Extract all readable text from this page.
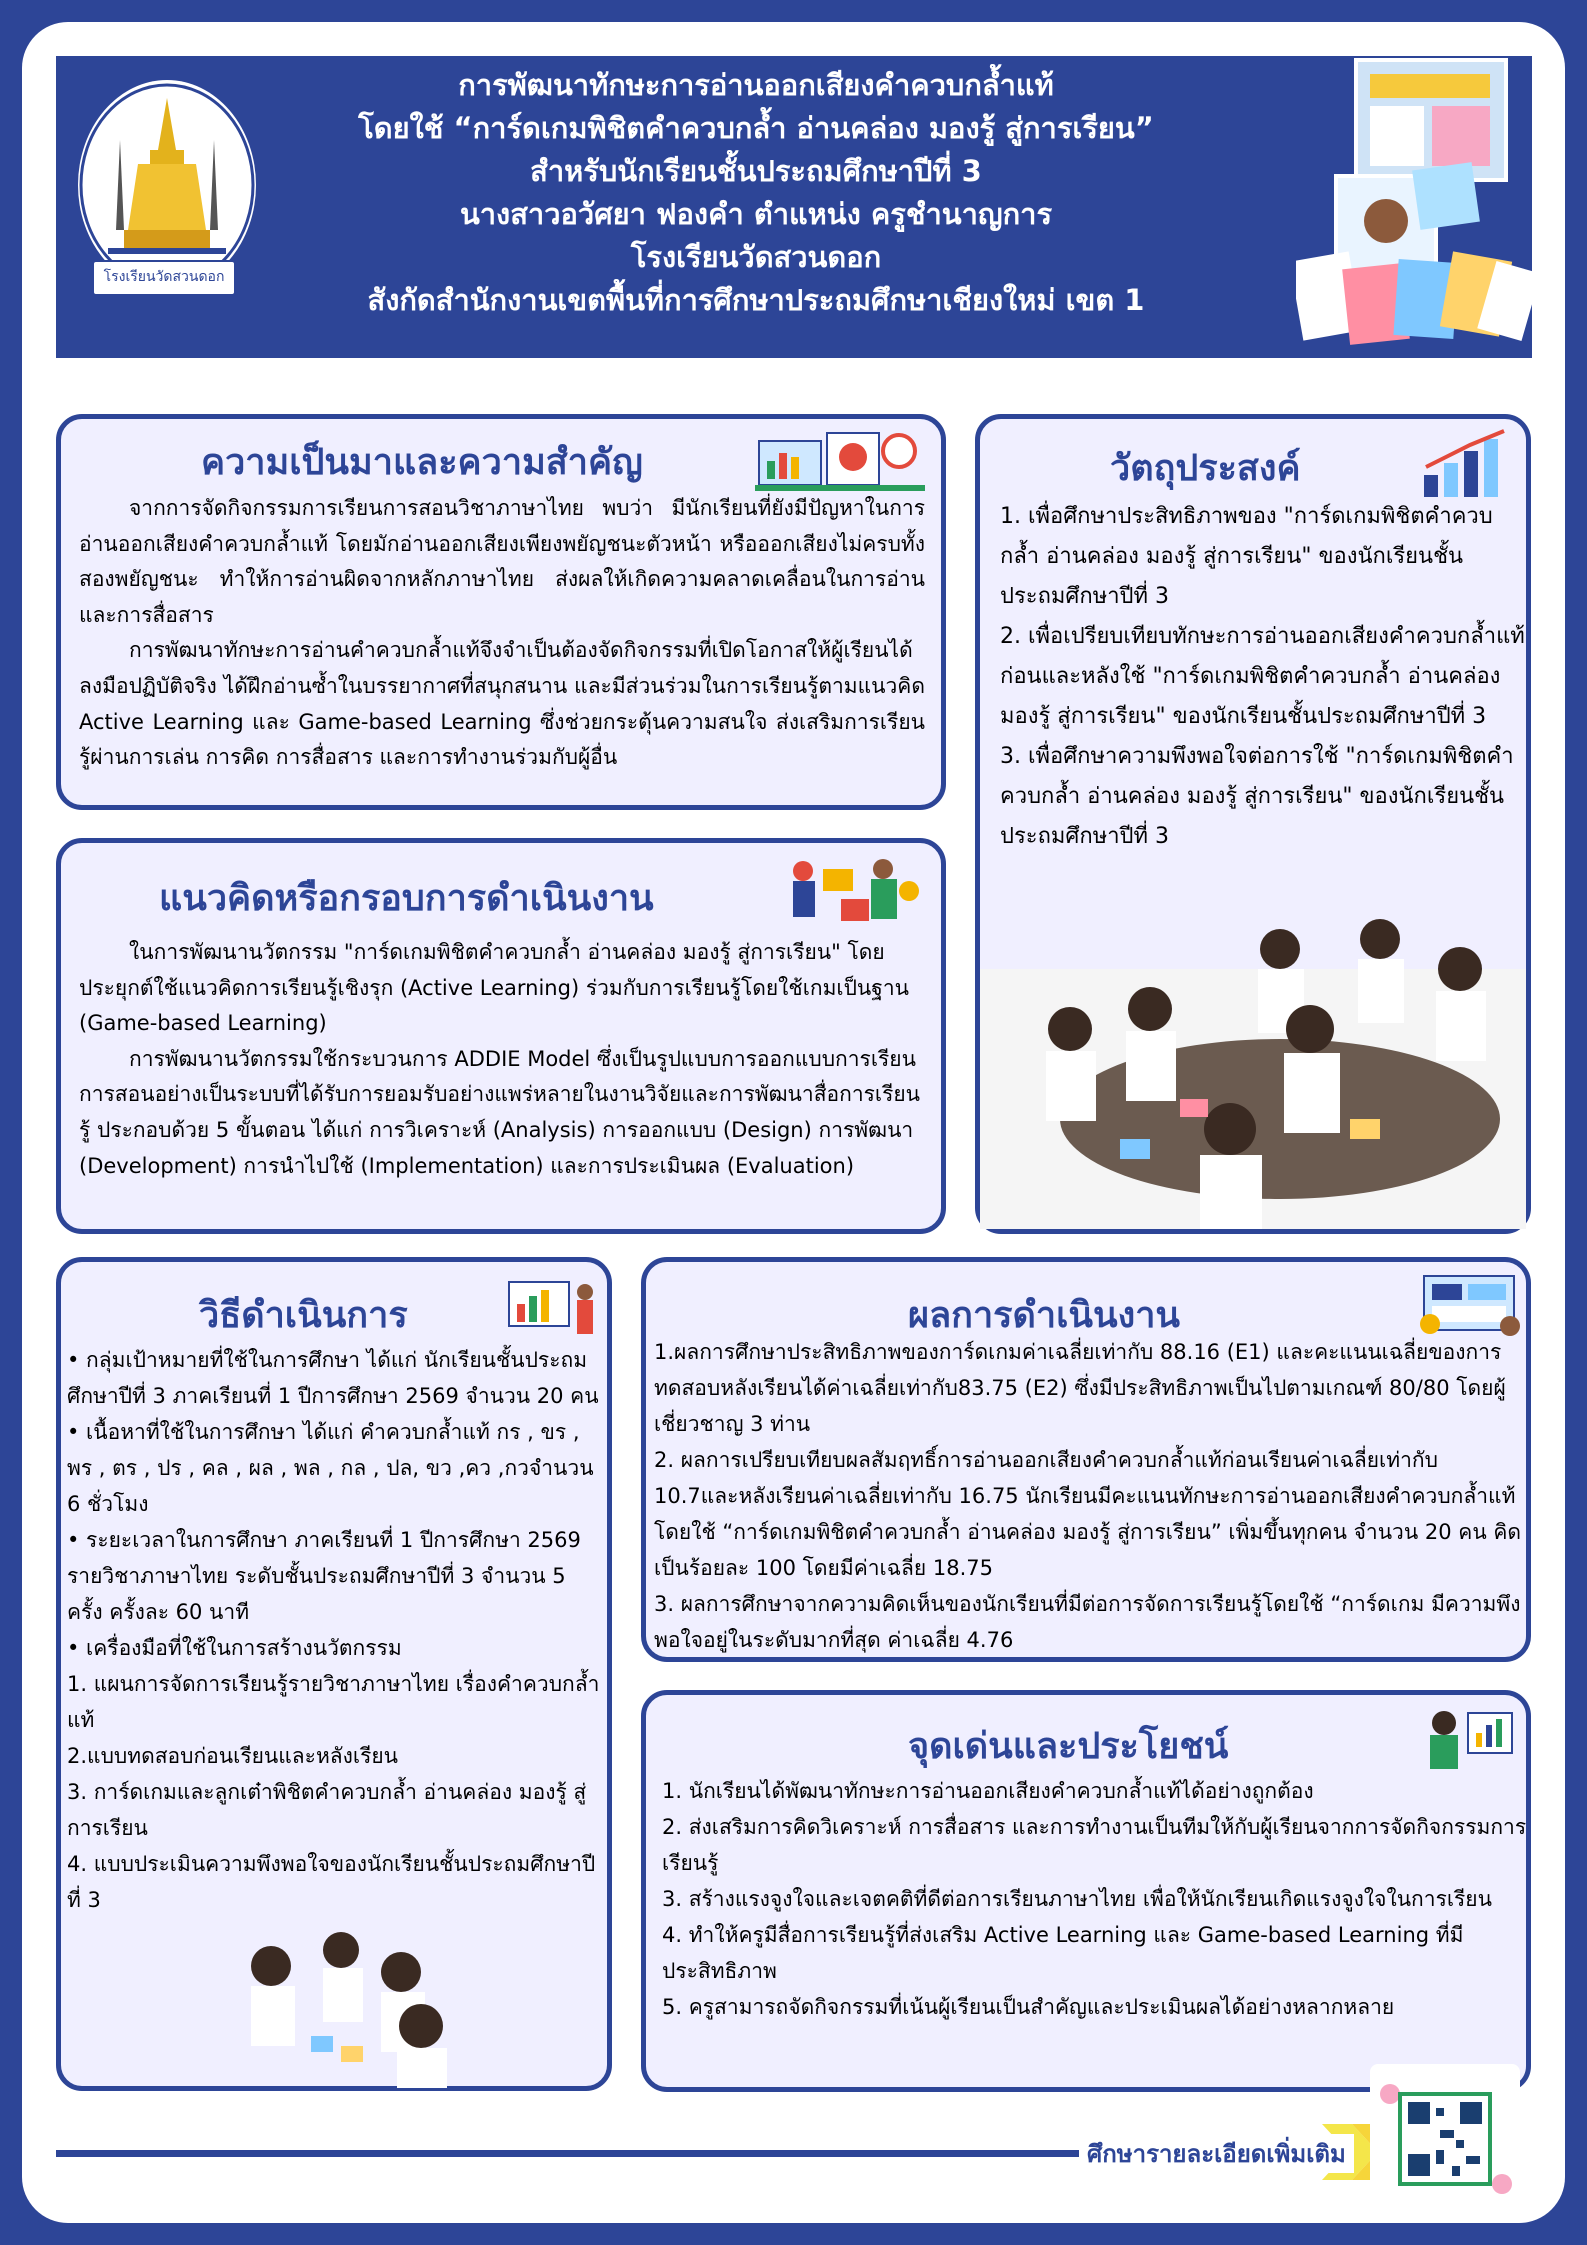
โรงเรียนวัดสวนดอก
การพัฒนาทักษะการอ่านออกเสียงคำควบกล้ำแท้
โดยใช้ “การ์ดเกมพิชิตคำควบกล้ำ อ่านคล่อง มองรู้ สู่การเรียน”
สำหรับนักเรียนชั้นประถมศึกษาปีที่ 3
นางสาวอวัศยา ฟองคำ ตำแหน่ง ครูชำนาญการ
โรงเรียนวัดสวนดอก
สังกัดสำนักงานเขตพื้นที่การศึกษาประถมศึกษาเชียงใหม่ เขต 1
ความเป็นมาและความสำคัญ

จากการจัดกิจกรรมการเรียนการสอนวิชาภาษาไทย พบว่า มีนักเรียนที่ยังมีปัญหาในการอ่านออกเสียงคำควบกล้ำแท้ โดยมักอ่านออกเสียงเพียงพยัญชนะตัวหน้า หรือออกเสียงไม่ครบทั้งสองพยัญชนะ ทำให้การอ่านผิดจากหลักภาษาไทย ส่งผลให้เกิดความคลาดเคลื่อนในการอ่านและการสื่อสาร

การพัฒนาทักษะการอ่านคำควบกล้ำแท้จึงจำเป็นต้องจัดกิจกรรมที่เปิดโอกาสให้ผู้เรียนได้ลงมือปฏิบัติจริง ได้ฝึกอ่านซ้ำในบรรยากาศที่สนุกสนาน และมีส่วนร่วมในการเรียนรู้ตามแนวคิด Active Learning และ Game-based Learning ซึ่งช่วยกระตุ้นความสนใจ ส่งเสริมการเรียนรู้ผ่านการเล่น การคิด การสื่อสาร และการทำงานร่วมกับผู้อื่น

แนวคิดหรือกรอบการดำเนินงาน

ในการพัฒนานวัตกรรม "การ์ดเกมพิชิตคำควบกล้ำ อ่านคล่อง มองรู้ สู่การเรียน" โดยประยุกต์ใช้แนวคิดการเรียนรู้เชิงรุก (Active Learning) ร่วมกับการเรียนรู้โดยใช้เกมเป็นฐาน (Game-based Learning)

การพัฒนานวัตกรรมใช้กระบวนการ ADDIE Model ซึ่งเป็นรูปแบบการออกแบบการเรียนการสอนอย่างเป็นระบบที่ได้รับการยอมรับอย่างแพร่หลายในงานวิจัยและการพัฒนาสื่อการเรียนรู้ ประกอบด้วย 5 ขั้นตอน ได้แก่ การวิเคราะห์ (Analysis) การออกแบบ (Design) การพัฒนา (Development) การนำไปใช้ (Implementation) และการประเมินผล (Evaluation)

วัตถุประสงค์

1. เพื่อศึกษาประสิทธิภาพของ "การ์ดเกมพิชิตคำควบกล้ำ อ่านคล่อง มองรู้ สู่การเรียน" ของนักเรียนชั้นประถมศึกษาปีที่ 3

2. เพื่อเปรียบเทียบทักษะการอ่านออกเสียงคำควบกล้ำแท้ก่อนและหลังใช้ "การ์ดเกมพิชิตคำควบกล้ำ อ่านคล่อง มองรู้ สู่การเรียน" ของนักเรียนชั้นประถมศึกษาปีที่ 3

3. เพื่อศึกษาความพึงพอใจต่อการใช้ "การ์ดเกมพิชิตคำควบกล้ำ อ่านคล่อง มองรู้ สู่การเรียน" ของนักเรียนชั้นประถมศึกษาปีที่ 3

วิธีดำเนินการ

• กลุ่มเป้าหมายที่ใช้ในการศึกษา ได้แก่ นักเรียนชั้นประถมศึกษาปีที่ 3 ภาคเรียนที่ 1 ปีการศึกษา 2569 จำนวน 20 คน

• เนื้อหาที่ใช้ในการศึกษา ได้แก่ คำควบกล้ำแท้ กร , ขร , พร , ตร , ปร , คล , ผล , พล , กล , ปล, ขว ,คว ,กวจำนวน 6 ชั่วโมง

• ระยะเวลาในการศึกษา ภาคเรียนที่ 1 ปีการศึกษา 2569 รายวิชาภาษาไทย ระดับชั้นประถมศึกษาปีที่ 3 จำนวน 5 ครั้ง ครั้งละ 60 นาที

• เครื่องมือที่ใช้ในการสร้างนวัตกรรม

1. แผนการจัดการเรียนรู้รายวิชาภาษาไทย เรื่องคำควบกล้ำแท้

2.แบบทดสอบก่อนเรียนและหลังเรียน

3. การ์ดเกมและลูกเต๋าพิชิตคำควบกล้ำ อ่านคล่อง มองรู้ สู่การเรียน

4. แบบประเมินความพึงพอใจของนักเรียนชั้นประถมศึกษาปีที่ 3

ผลการดำเนินงาน

1.ผลการศึกษาประสิทธิภาพของการ์ดเกมค่าเฉลี่ยเท่ากับ 88.16 (E1) และคะแนนเฉลี่ยของการทดสอบหลังเรียนได้ค่าเฉลี่ยเท่ากับ83.75 (E2) ซึ่งมีประสิทธิภาพเป็นไปตามเกณฑ์ 80/80 โดยผู้เชี่ยวชาญ 3 ท่าน

2. ผลการเปรียบเทียบผลสัมฤทธิ์การอ่านออกเสียงคำควบกล้ำแท้ก่อนเรียนค่าเฉลี่ยเท่ากับ 10.7และหลังเรียนค่าเฉลี่ยเท่ากับ 16.75 นักเรียนมีคะแนนทักษะการอ่านออกเสียงคำควบกล้ำแท้ โดยใช้ “การ์ดเกมพิชิตคำควบกล้ำ อ่านคล่อง มองรู้ สู่การเรียน” เพิ่มขึ้นทุกคน จำนวน 20 คน คิดเป็นร้อยละ 100 โดยมีค่าเฉลี่ย 18.75

3. ผลการศึกษาจากความคิดเห็นของนักเรียนที่มีต่อการจัดการเรียนรู้โดยใช้ “การ์ดเกม มีความพึงพอใจอยู่ในระดับมากที่สุด ค่าเฉลี่ย 4.76

จุดเด่นและประโยชน์

1. นักเรียนได้พัฒนาทักษะการอ่านออกเสียงคำควบกล้ำแท้ได้อย่างถูกต้อง

2. ส่งเสริมการคิดวิเคราะห์ การสื่อสาร และการทำงานเป็นทีมให้กับผู้เรียนจากการจัดกิจกรรมการเรียนรู้

3. สร้างแรงจูงใจและเจตคติที่ดีต่อการเรียนภาษาไทย เพื่อให้นักเรียนเกิดแรงจูงใจในการเรียน

4. ทำให้ครูมีสื่อการเรียนรู้ที่ส่งเสริม Active Learning และ Game-based Learning ที่มีประสิทธิภาพ

5. ครูสามารถจัดกิจกรรมที่เน้นผู้เรียนเป็นสำคัญและประเมินผลได้อย่างหลากหลาย

ศึกษารายละเอียดเพิ่มเติม
